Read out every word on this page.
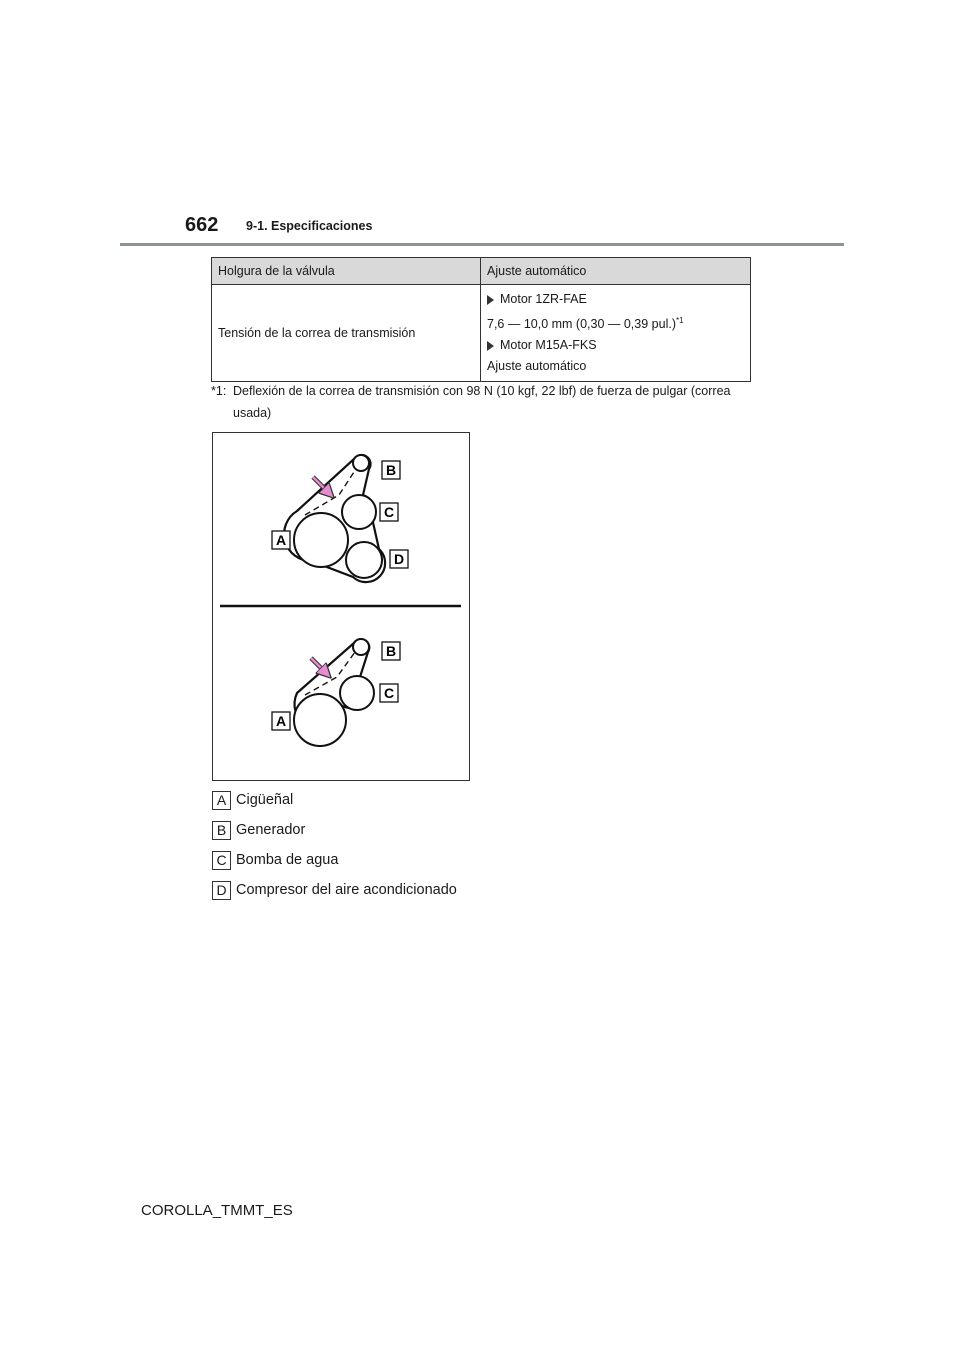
662 9-1. Especificaciones
Holgura de la válvula	Ajuste automático
Tensión de la correa de transmisión	Motor 1ZR-FAE
7,6 — 10,0 mm (0,30 — 0,39 pul.)$^{*1}$
Motor M15A-FKS
Ajuste automático
*1: Deflexión de la correa de transmisión con 98 N (10 kgf, 22 lbf) de fuerza de pulgar (correa
usada)
B
C
A
D
B
C
A
A Cigüeñal
B Generador
C Bomba de agua
D Compresor del aire acondicionado
COROLLA_TMMT_ES
